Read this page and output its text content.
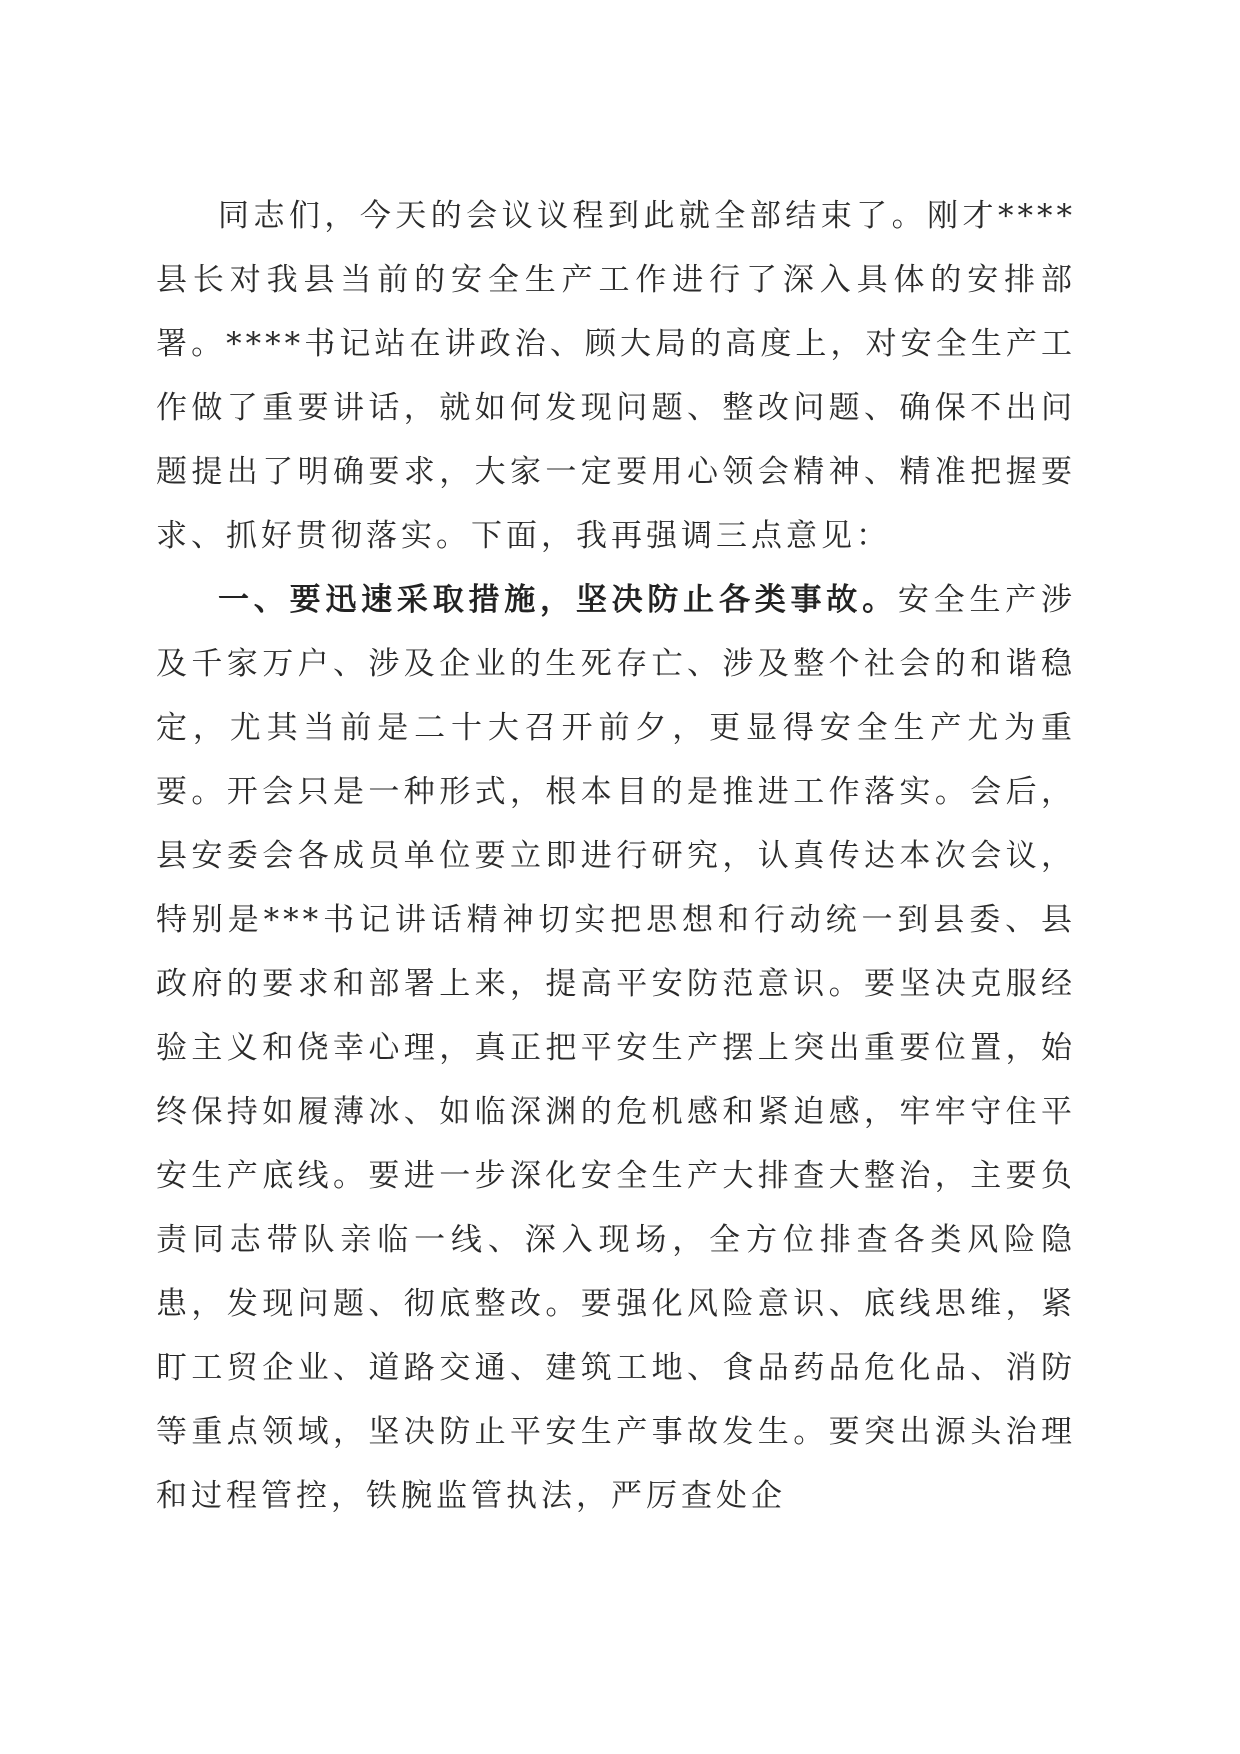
同志们，今天的会议议程到此就全部结束了。刚才****县长对我县当前的安全生产工作进行了深入具体的安排部署。****书记站在讲政治、顾大局的高度上，对安全生产工作做了重要讲话，就如何发现问题、整改问题、确保不出问题提出了明确要求，大家一定要用心领会精神、精准把握要求、抓好贯彻落实。下面，我再强调三点意见：

一、要迅速采取措施，坚决防止各类事故。安全生产涉及千家万户、涉及企业的生死存亡、涉及整个社会的和谐稳定，尤其当前是二十大召开前夕，更显得安全生产尤为重要。开会只是一种形式，根本目的是推进工作落实。会后，县安委会各成员单位要立即进行研究，认真传达本次会议，特别是***书记讲话精神切实把思想和行动统一到县委、县政府的要求和部署上来，提高平安防范意识。要坚决克服经验主义和侥幸心理，真正把平安生产摆上突出重要位置，始终保持如履薄冰、如临深渊的危机感和紧迫感，牢牢守住平安生产底线。要进一步深化安全生产大排查大整治，主要负责同志带队亲临一线、深入现场，全方位排查各类风险隐患，发现问题、彻底整改。要强化风险意识、底线思维，紧盯工贸企业、道路交通、建筑工地、食品药品危化品、消防等重点领域，坚决防止平安生产事故发生。要突出源头治理和过程管控，铁腕监管执法，严厉查处企
